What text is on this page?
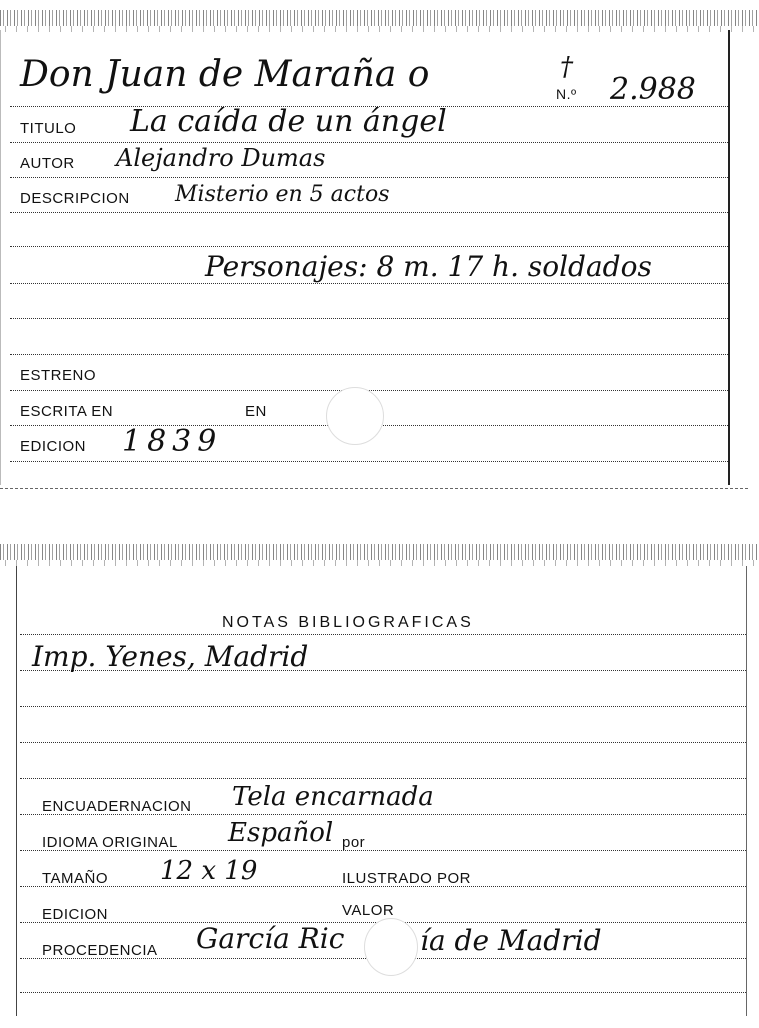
Don Juan de Maraña o	†
N.º 2.988
TITULO La caída de un ángel
AUTOR Alejandro Dumas
DESCRIPCION Misterio en 5 actos
Personajes: 8 m. 17 h. soldados
ESTRENO
ESCRITA EN	EN
EDICION 1839
NOTAS BIBLIOGRAFICAS
Imp. Yenes, Madrid
ENCUADERNACION Tela encarnada
IDIOMA ORIGINAL Español por
TAMAÑO 12 x 19	ILUSTRADO POR
EDICION	VALOR
PROCEDENCIA García Ric	ía de Madrid
